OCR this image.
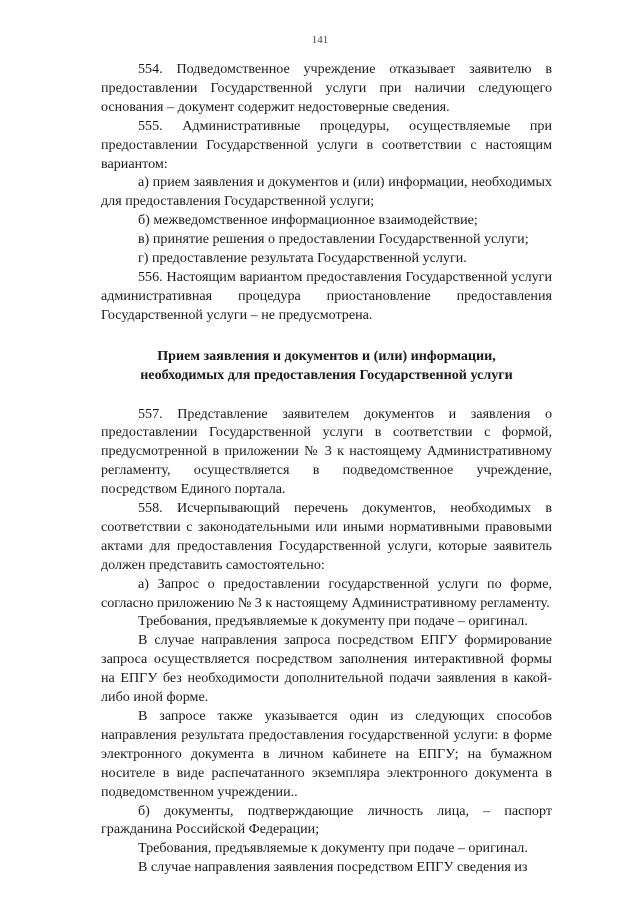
141

554. Подведомственное учреждение отказывает заявителю в предоставлении Государственной услуги при наличии следующего основания – документ содержит недостоверные сведения.

555. Административные процедуры, осуществляемые при предоставлении Государственной услуги в соответствии с настоящим вариантом:

а) прием заявления и документов и (или) информации, необходимых для предоставления Государственной услуги;

б) межведомственное информационное взаимодействие;

в) принятие решения о предоставлении Государственной услуги;

г) предоставление результата Государственной услуги.

556. Настоящим вариантом предоставления Государственной услуги административная процедура приостановление предоставления Государственной услуги – не предусмотрена.

Прием заявления и документов и (или) информации,
необходимых для предоставления Государственной услуги

557. Представление заявителем документов и заявления о предоставлении Государственной услуги в соответствии с формой, предусмотренной в приложении № 3 к настоящему Административному регламенту, осуществляется в подведомственное учреждение, посредством Единого портала.

558. Исчерпывающий перечень документов, необходимых в соответствии с законодательными или иными нормативными правовыми актами для предоставления Государственной услуги, которые заявитель должен представить самостоятельно:

а) Запрос о предоставлении государственной услуги по форме, согласно приложению № 3 к настоящему Административному регламенту.

Требования, предъявляемые к документу при подаче – оригинал.

В случае направления запроса посредством ЕПГУ формирование запроса осуществляется посредством заполнения интерактивной формы на ЕПГУ без необходимости дополнительной подачи заявления в какой-либо иной форме.

В запросе также указывается один из следующих способов направления результата предоставления государственной услуги: в форме электронного документа в личном кабинете на ЕПГУ; на бумажном носителе в виде распечатанного экземпляра электронного документа в подведомственном учреждении..

б) документы, подтверждающие личность лица, – паспорт гражданина Российской Федерации;

Требования, предъявляемые к документу при подаче – оригинал.

В случае направления заявления посредством ЕПГУ сведения из
